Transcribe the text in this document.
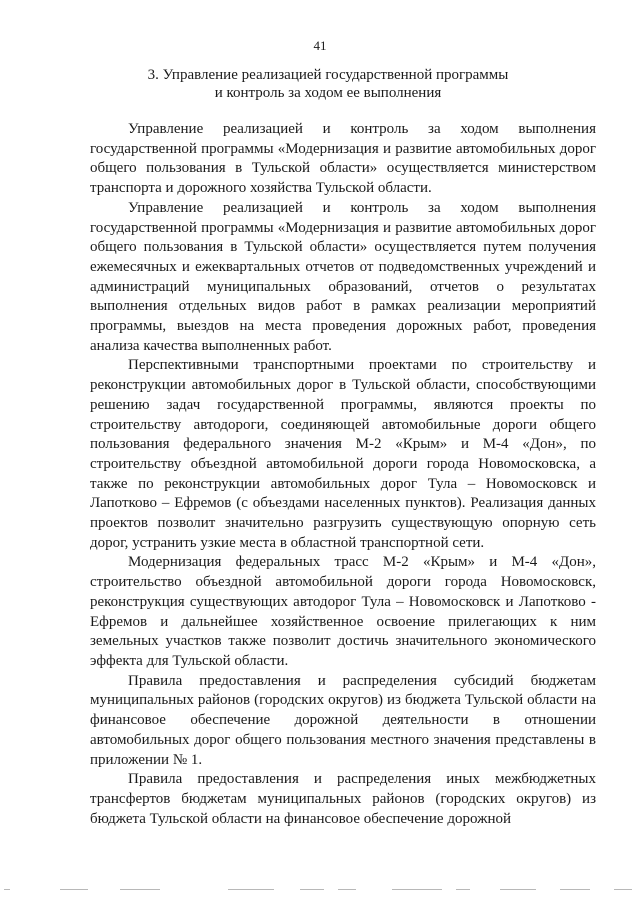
41
3. Управление реализацией государственной программы
и контроль за ходом ее выполнения

Управление реализацией и контроль за ходом выполнения государственной программы «Модернизация и развитие автомобильных дорог общего пользования в Тульской области» осуществляется министерством транспорта и дорожного хозяйства Тульской области.

Управление реализацией и контроль за ходом выполнения государственной программы «Модернизация и развитие автомобильных дорог общего пользования в Тульской области» осуществляется путем получения ежемесячных и ежеквартальных отчетов от подведомственных учреждений и администраций муниципальных образований, отчетов о результатах выполнения отдельных видов работ в рамках реализации мероприятий программы, выездов на места проведения дорожных работ, проведения анализа качества выполненных работ.

Перспективными транспортными проектами по строительству и реконструкции автомобильных дорог в Тульской области, способствующими решению задач государственной программы, являются проекты по строительству автодороги, соединяющей автомобильные дороги общего пользования федерального значения М-2 «Крым» и М-4 «Дон», по строительству объездной автомобильной дороги города Новомосковска, а также по реконструкции автомобильных дорог Тула – Новомосковск и Лапотково – Ефремов (с объездами населенных пунктов). Реализация данных проектов позволит значительно разгрузить существующую опорную сеть дорог, устранить узкие места в областной транспортной сети.

Модернизация федеральных трасс М-2 «Крым» и М-4 «Дон», строительство объездной автомобильной дороги города Новомосковск, реконструкция существующих автодорог Тула – Новомосковск и Лапотково - Ефремов и дальнейшее хозяйственное освоение прилегающих к ним земельных участков также позволит достичь значительного экономического эффекта для Тульской области.

Правила предоставления и распределения субсидий бюджетам муниципальных районов (городских округов) из бюджета Тульской области на финансовое обеспечение дорожной деятельности в отношении автомобильных дорог общего пользования местного значения представлены в приложении № 1.

Правила предоставления и распределения иных межбюджетных трансфертов бюджетам муниципальных районов (городских округов) из бюджета Тульской области на финансовое обеспечение дорожной
